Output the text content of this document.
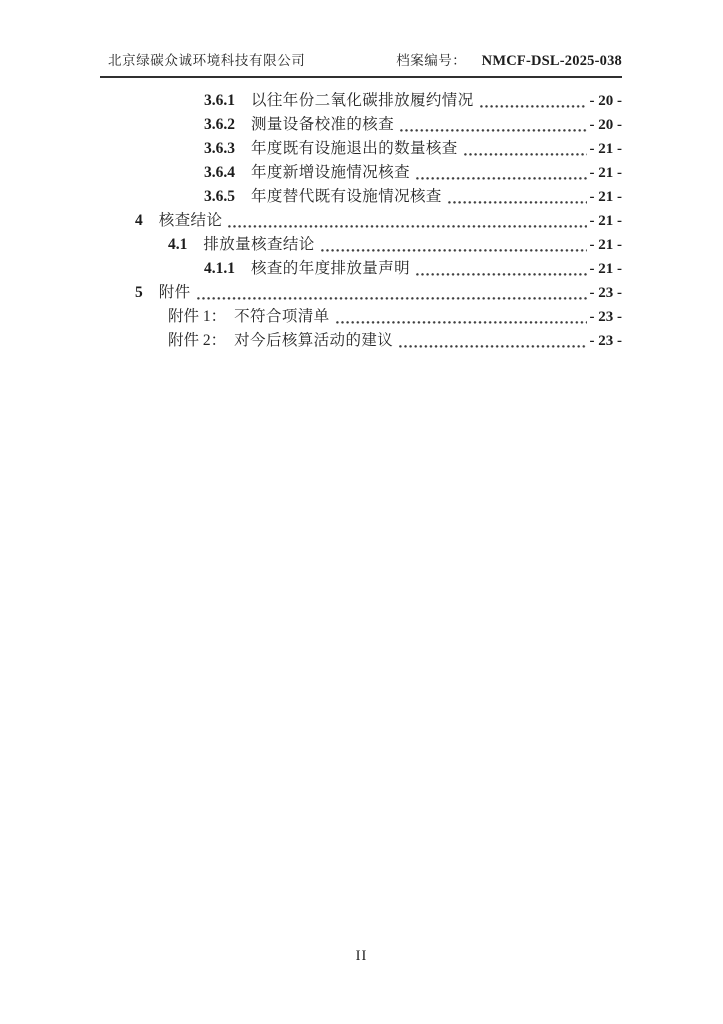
北京绿碳众诚环境科技有限公司	档案编号： NMCF-DSL-2025-038
3.6.1 以往年份二氧化碳排放履约情况	- 20 -
3.6.2 测量设备校准的核查	- 20 -
3.6.3 年度既有设施退出的数量核查	- 21 -
3.6.4 年度新增设施情况核查	- 21 -
3.6.5 年度替代既有设施情况核查	- 21 -
4 核查结论	- 21 -
4.1 排放量核查结论	- 21 -
4.1.1 核查的年度排放量声明	- 21 -
5 附件	- 23 -
附件 1： 不符合项清单	- 23 -
附件 2： 对今后核算活动的建议	- 23 -
II
